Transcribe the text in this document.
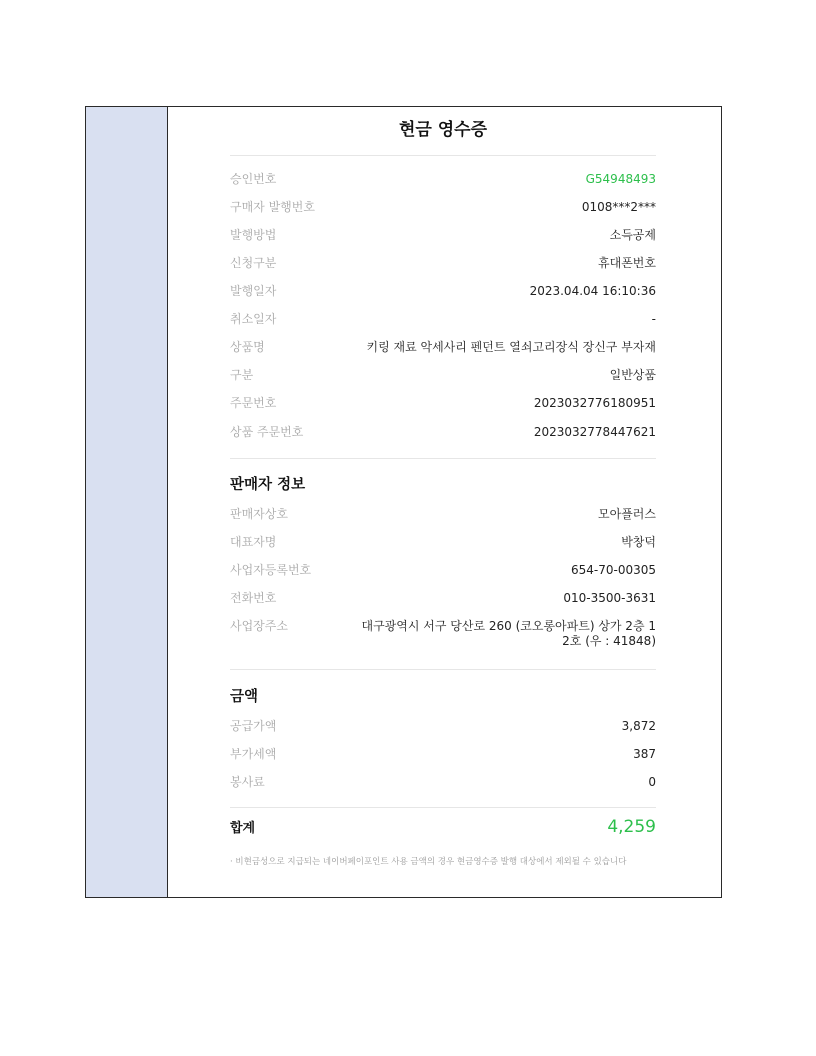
현금 영수증
승인번호	G54948493
구매자 발행번호	0108***2***
발행방법	소득공제
신청구분	휴대폰번호
발행일자	2023.04.04 16:10:36
취소일자	-
상품명	키링 재료 악세사리 펜던트 열쇠고리장식 장신구 부자재
구분	일반상품
주문번호	2023032776180951
상품 주문번호	2023032778447621
판매자 정보
판매자상호	모아플러스
대표자명	박창덕
사업자등록번호	654-70-00305
전화번호	010-3500-3631
사업장주소	대구광역시 서구 당산로 260 (코오롱아파트) 상가 2층 1
2호 (우 : 41848)
금액
공급가액	3,872
부가세액	387
봉사료	0
합계	4,259
· 비현금성으로 지급되는 네이버페이포인트 사용 금액의 경우 현금영수증 발행 대상에서 제외될 수 있습니다
